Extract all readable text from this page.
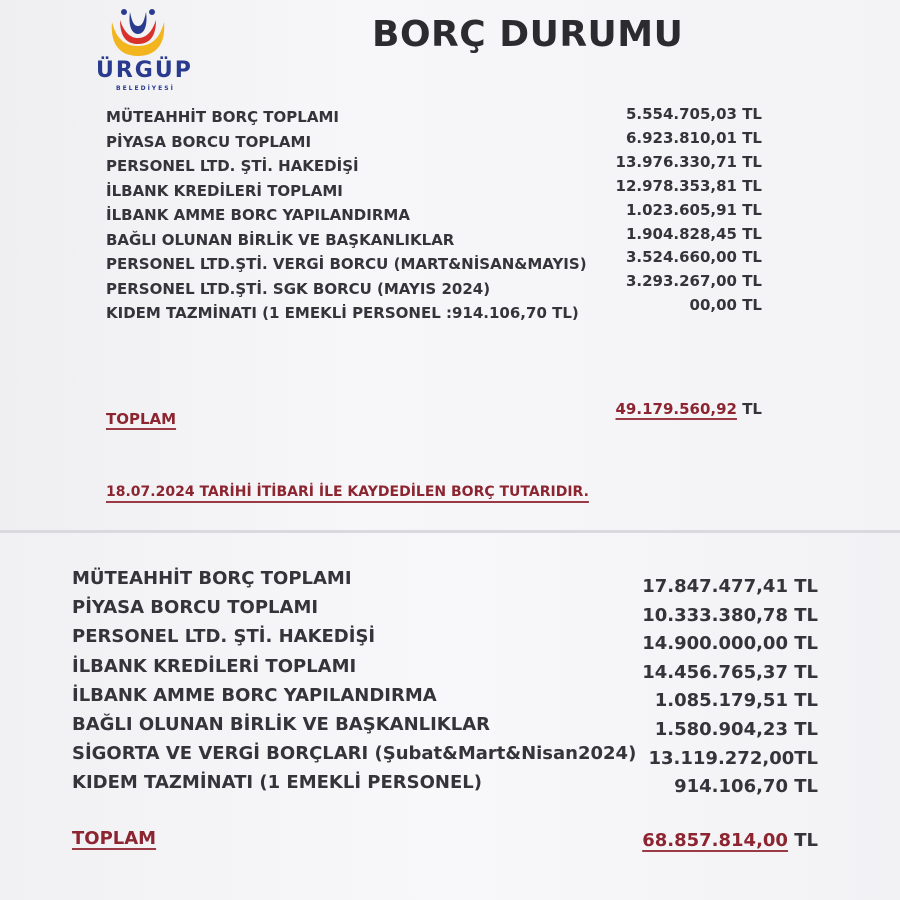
ÜRGÜP
BELEDİYESİ
BORÇ DURUMU
MÜTEAHHİT BORÇ TOPLAMI	5.554.705,03 TL
PİYASA BORCU TOPLAMI	6.923.810,01 TL
PERSONEL LTD. ŞTİ. HAKEDİŞİ	13.976.330,71 TL
İLBANK KREDİLERİ TOPLAMI	12.978.353,81 TL
İLBANK AMME BORC YAPILANDIRMA	1.023.605,91 TL
BAĞLI OLUNAN BİRLİK VE BAŞKANLIKLAR	1.904.828,45 TL
PERSONEL LTD.ŞTİ. VERGİ BORCU (MART&NİSAN&MAYIS)	3.524.660,00 TL
PERSONEL LTD.ŞTİ. SGK BORCU (MAYIS 2024)	3.293.267,00 TL
KIDEM TAZMİNATI (1 EMEKLİ PERSONEL :914.106,70 TL)	00,00 TL
TOPLAM
49.179.560,92 TL
18.07.2024 TARİHİ İTİBARİ İLE KAYDEDİLEN BORÇ TUTARIDIR.
MÜTEAHHİT BORÇ TOPLAMI	17.847.477,41 TL
PİYASA BORCU TOPLAMI	10.333.380,78 TL
PERSONEL LTD. ŞTİ. HAKEDİŞİ	14.900.000,00 TL
İLBANK KREDİLERİ TOPLAMI	14.456.765,37 TL
İLBANK AMME BORC YAPILANDIRMA	1.085.179,51 TL
BAĞLI OLUNAN BİRLİK VE BAŞKANLIKLAR	1.580.904,23 TL
SİGORTA VE VERGİ BORÇLARI (Şubat&Mart&Nisan2024) 13.119.272,00TL
KIDEM TAZMİNATI (1 EMEKLİ PERSONEL)	914.106,70 TL
TOPLAM	68.857.814,00 TL
